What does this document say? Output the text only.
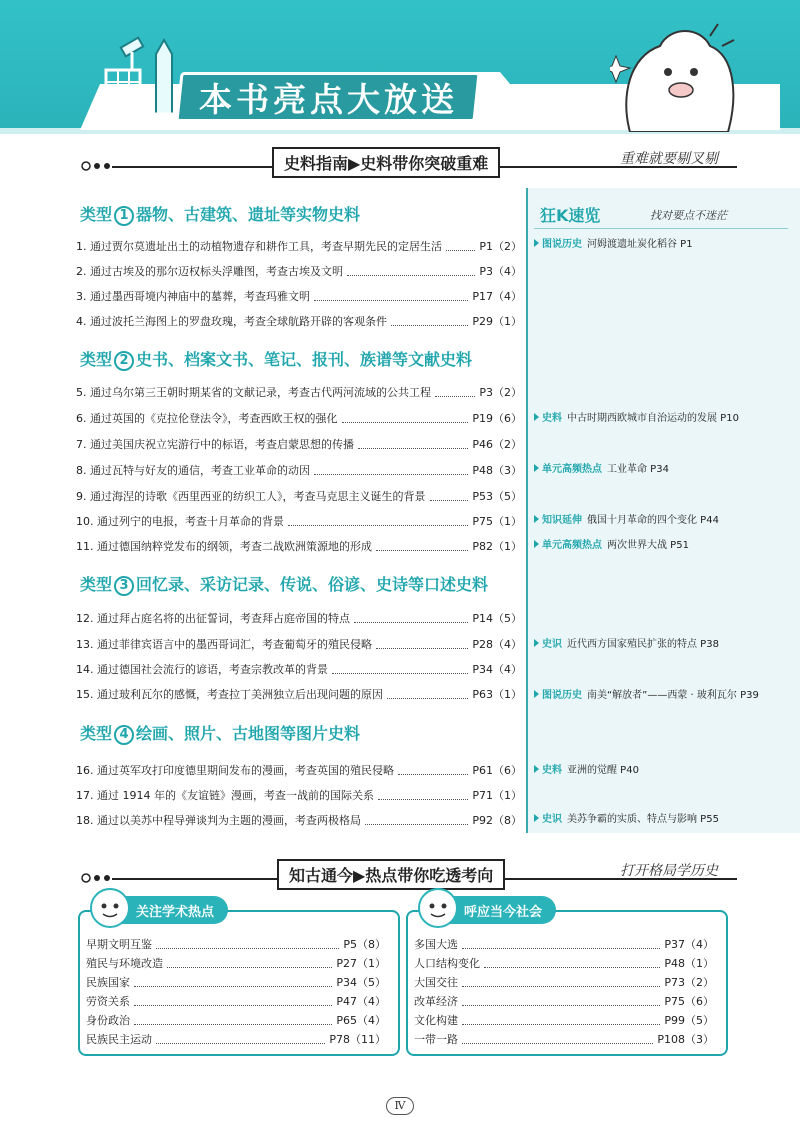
本书亮点大放送
史料指南▶史料带你突破重难	重难就要剔叉剔
类型 1 器物、古建筑、遗址等实物史料
1. 通过贾尔莫遗址出土的动植物遗存和耕作工具，考查早期先民的定居生活	P1（2）
2. 通过古埃及的那尔迈权标头浮雕图，考查古埃及文明	P3（4）
3. 通过墨西哥境内神庙中的墓葬，考查玛雅文明	P17（4）
4. 通过波托兰海图上的罗盘玫瑰，考查全球航路开辟的客观条件	P29（1）
类型 2 史书、档案文书、笔记、报刊、族谱等文献史料
5. 通过乌尔第三王朝时期某省的文献记录，考查古代两河流域的公共工程	P3（2）
6. 通过英国的《克拉伦登法令》，考查西欧王权的强化	P19（6）
7. 通过美国庆祝立宪游行中的标语，考查启蒙思想的传播	P46（2）
8. 通过瓦特与好友的通信，考查工业革命的动因	P48（3）
9. 通过海涅的诗歌《西里西亚的纺织工人》，考查马克思主义诞生的背景	P53（5）
10. 通过列宁的电报，考查十月革命的背景	P75（1）
11. 通过德国纳粹党发布的纲领，考查二战欧洲策源地的形成	P82（1）
类型 3 回忆录、采访记录、传说、俗谚、史诗等口述史料
12. 通过拜占庭名将的出征誓词，考查拜占庭帝国的特点	P14（5）
13. 通过菲律宾语言中的墨西哥词汇，考查葡萄牙的殖民侵略	P28（4）
14. 通过德国社会流行的谚语，考查宗教改革的背景	P34（4）
15. 通过玻利瓦尔的感慨，考查拉丁美洲独立后出现问题的原因	P63（1）
类型 4 绘画、照片、古地图等图片史料
16. 通过英军攻打印度德里期间发布的漫画，考查英国的殖民侵略	P61（6）
17. 通过 1914 年的《友谊链》漫画，考查一战前的国际关系	P71（1）
18. 通过以美苏中程导弹谈判为主题的漫画，考查两极格局	P92（8）
狂K速览	找对要点不迷茫
图说历史 河姆渡遗址炭化稻谷 P1
史料 中古时期西欧城市自治运动的发展 P10
单元高频热点 工业革命 P34
知识延伸 俄国十月革命的四个变化 P44
单元高频热点 两次世界大战 P51
史识 近代西方国家殖民扩张的特点 P38
图说历史 南美“解放者”——西蒙 · 玻利瓦尔 P39
史料 亚洲的觉醒 P40
史识 美苏争霸的实质、特点与影响 P55
知古通今▶热点带你吃透考向	打开格局学历史
关注学术热点
早期文明互鉴	P5（8）
殖民与环境改造	P27（1）
民族国家	P34（5）
劳资关系	P47（4）
身份政治	P65（4）
民族民主运动	P78（11）
呼应当今社会
多国大选	P37（4）
人口结构变化	P48（1）
大国交往	P73（2）
改革经济	P75（6）
文化构建	P99（5）
一带一路	P108（3）
Ⅳ
